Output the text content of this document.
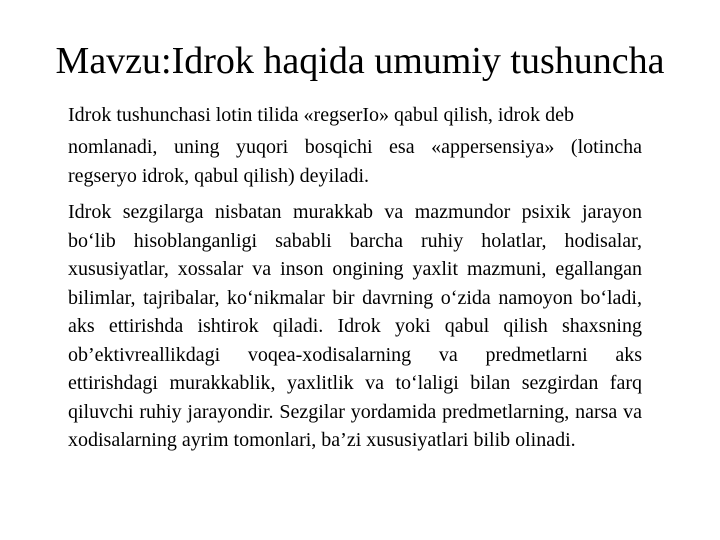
Mavzu:Idrok haqida umumiy tushuncha

Idrok tushunchasi lotin tilida «regserIo» qabul qilish, idrok deb

nomlanadi, uning yuqori bosqichi esa «appersensiya» (lotincha regseryo idrok, qabul qilish) deyiladi.

Idrok sezgilarga nisbatan murakkab va mazmundor psixik jarayon bo‘lib hisoblanganligi sababli barcha ruhiy holatlar, hodisalar, xususiyatlar, xossalar va inson ongining yaxlit mazmuni, egallangan bilimlar, tajribalar, ko‘nikmalar bir davrning o‘zida namoyon bo‘ladi, aks ettirishda ishtirok qiladi. Idrok yoki qabul qilish shaxsning ob’ektivreallikdagi voqea-xodisalarning va predmetlarni aks ettirishdagi murakkablik, yaxlitlik va to‘laligi bilan sezgirdan farq qiluvchi ruhiy jarayondir. Sezgilar yordamida predmetlarning, narsa va xodisalarning ayrim tomonlari, ba’zi xususiyatlari bilib olinadi.
